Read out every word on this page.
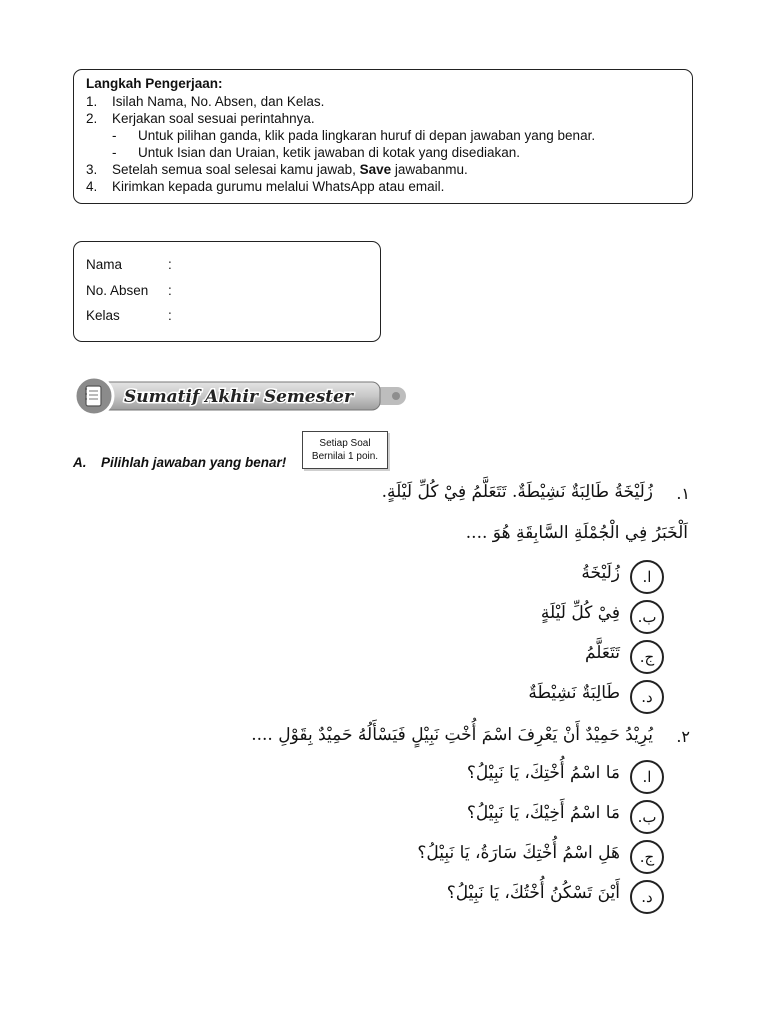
Langkah Pengerjaan:
1. Isilah Nama, No. Absen, dan Kelas.
2. Kerjakan soal sesuai perintahnya.
- Untuk pilihan ganda, klik pada lingkaran huruf di depan jawaban yang benar.
- Untuk Isian dan Uraian, ketik jawaban di kotak yang disediakan.
3. Setelah semua soal selesai kamu jawab, Save jawabanmu.
4. Kirimkan kepada gurumu melalui WhatsApp atau email.
Nama	:
No. Absen :
Kelas	:
Sumatif Akhir Semester
Setiap Soal
Bernilai 1 poin.
A. Pilihlah jawaban yang benar!
١.
زُلَيْخَةُ طَالِبَةٌ نَشِيْطَةٌ. تَتَعَلَّمُ فِيْ كُلِّ لَيْلَةٍ.
اَلْخَبَرُ فِي الْجُمْلَةِ السَّابِقَةِ هُوَ ....
ا.
زُلَيْخَةُ
ب.
فِيْ كُلِّ لَيْلَةٍ
ج.
تَتَعَلَّمُ
د.
طَالِبَةٌ نَشِيْطَةٌ
٢.
يُرِيْدُ حَمِيْدٌ أَنْ يَعْرِفَ اسْمَ أُخْتِ نَبِيْلٍ فَيَسْأَلُهُ حَمِيْدٌ بِقَوْلِ ....
ا.
مَا اسْمُ أُخْتِكَ، يَا نَبِيْلُ؟
ب.
مَا اسْمُ أَخِيْكَ، يَا نَبِيْلُ؟
ج.
هَلِ اسْمُ أُخْتِكَ سَارَةُ، يَا نَبِيْلُ؟
د.
أَيْنَ تَسْكُنُ أُخْتُكَ، يَا نَبِيْلُ؟
